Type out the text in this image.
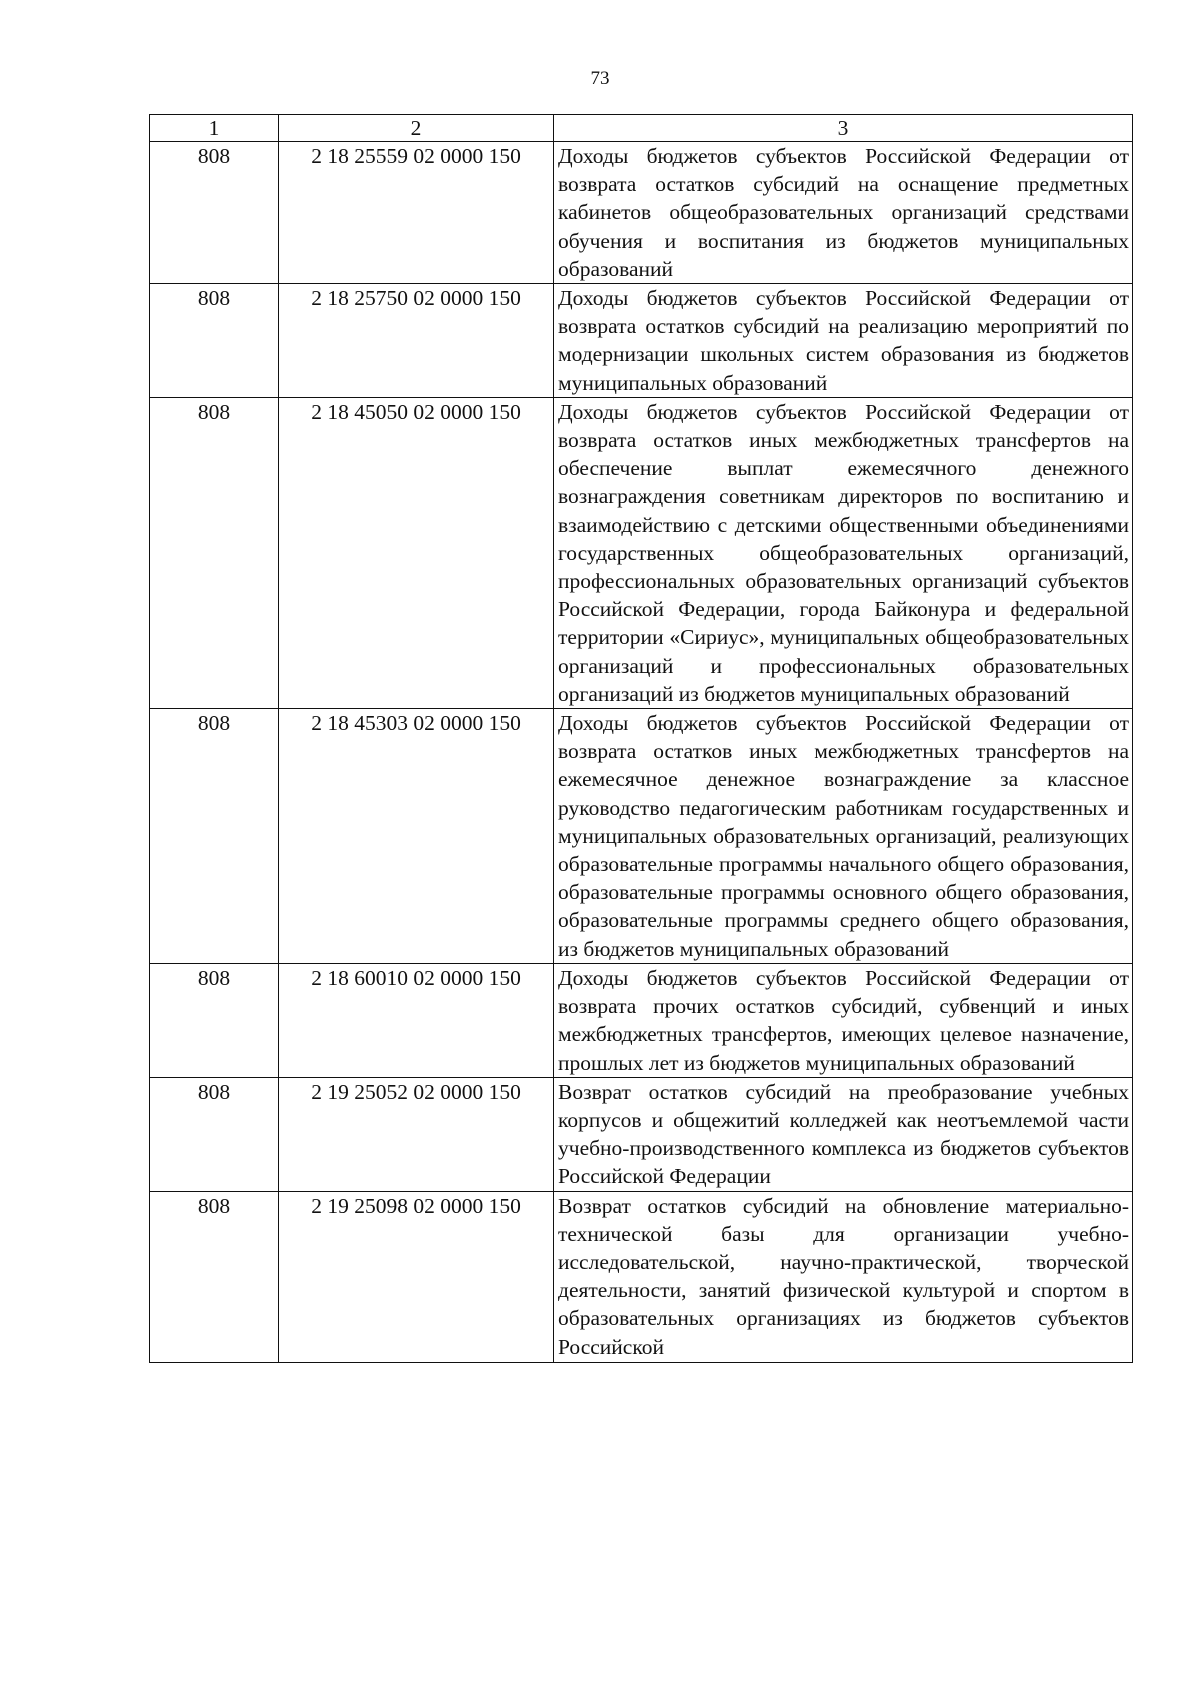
73
1	2	3
808	2 18 25559 02 0000 150	Доходы бюджетов субъектов Российской Федерации от возврата остатков субсидий на оснащение предметных кабинетов общеобразовательных организаций средствами обучения и воспитания из бюджетов муниципальных образований
808	2 18 25750 02 0000 150	Доходы бюджетов субъектов Российской Федерации от возврата остатков субсидий на реализацию мероприятий по модернизации школьных систем образования из бюджетов муниципальных образований
808	2 18 45050 02 0000 150	Доходы бюджетов субъектов Российской Федерации от возврата остатков иных межбюджетных трансфертов на обеспечение выплат ежемесячного денежного вознаграждения советникам директоров по воспитанию и взаимодействию с детскими общественными объединениями государственных общеобразовательных организаций, профессиональных образовательных организаций субъектов Российской Федерации, города Байконура и федеральной территории «Сириус», муниципальных общеобразовательных организаций и профессиональных образовательных организаций из бюджетов муниципальных образований
808	2 18 45303 02 0000 150	Доходы бюджетов субъектов Российской Федерации от возврата остатков иных межбюджетных трансфертов на ежемесячное денежное вознаграждение за классное руководство педагогическим работникам государственных и муниципальных образовательных организаций, реализующих образовательные программы начального общего образования, образовательные программы основного общего образования, образовательные программы среднего общего образования, из бюджетов муниципальных образований
808	2 18 60010 02 0000 150	Доходы бюджетов субъектов Российской Федерации от возврата прочих остатков субсидий, субвенций и иных межбюджетных трансфертов, имеющих целевое назначение, прошлых лет из бюджетов муниципальных образований
808	2 19 25052 02 0000 150	Возврат остатков субсидий на преобразование учебных корпусов и общежитий колледжей как неотъемлемой части учебно-производственного комплекса из бюджетов субъектов Российской Федерации
808	2 19 25098 02 0000 150	Возврат остатков субсидий на обновление материально-технической базы для организации учебно-исследовательской, научно-практической, творческой деятельности, занятий физической культурой и спортом в образовательных организациях из бюджетов субъектов Российской
